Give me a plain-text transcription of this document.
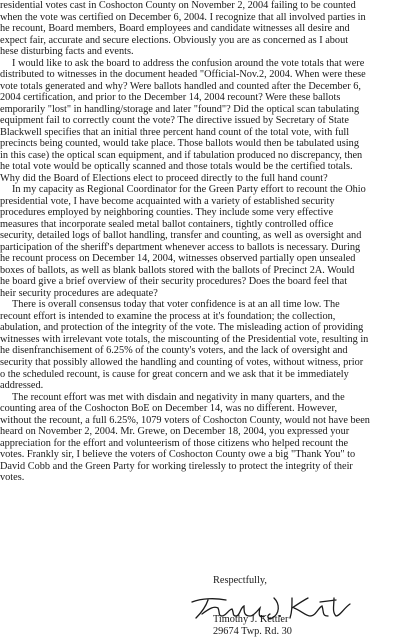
residential votes cast in Coshocton County on November 2, 2004 failing to be counted
when the vote was certified on December 6, 2004. I recognize that all involved parties in
he recount, Board members, Board employees and candidate witnesses all desire and
expect fair, accurate and secure elections. Obviously you are as concerned as I about
hese disturbing facts and events.
I would like to ask the board to address the confusion around the vote totals that were
distributed to witnesses in the document headed "Official-Nov.2, 2004. When were these
vote totals generated and why? Were ballots handled and counted after the December 6,
2004 certification, and prior to the December 14, 2004 recount? Were these ballots
emporarily "lost" in handling/storage and later "found"? Did the optical scan tabulating
equipment fail to correctly count the vote? The directive issued by Secretary of State
Blackwell specifies that an initial three percent hand count of the total vote, with full
precincts being counted, would take place. Those ballots would then be tabulated using
in this case) the optical scan equipment, and if tabulation produced no discrepancy, then
he total vote would be optically scanned and those totals would be the certified totals.
Why did the Board of Elections elect to proceed directly to the full hand count?
In my capacity as Regional Coordinator for the Green Party effort to recount the Ohio
presidential vote, I have become acquainted with a variety of established security
procedures employed by neighboring counties. They include some very effective
measures that incorporate sealed metal ballot containers, tightly controlled office
security, detailed logs of ballot handling, transfer and counting, as well as oversight and
participation of the sheriff's department whenever access to ballots is necessary. During
he recount process on December 14, 2004, witnesses observed partially open unsealed
boxes of ballots, as well as blank ballots stored with the ballots of Precinct 2A. Would
he board give a brief overview of their security procedures? Does the board feel that
heir security procedures are adequate?
There is overall consensus today that voter confidence is at an all time low. The
recount effort is intended to examine the process at it's foundation; the collection,
abulation, and protection of the integrity of the vote. The misleading action of providing
witnesses with irrelevant vote totals, the miscounting of the Presidential vote, resulting in
he disenfranchisement of 6.25% of the county's voters, and the lack of oversight and
security that possibly allowed the handling and counting of votes, without witness, prior
o the scheduled recount, is cause for great concern and we ask that it be immediately
addressed.
The recount effort was met with disdain and negativity in many quarters, and the
counting area of the Coshocton BoE on December 14, was no different. However,
without the recount, a full 6.25%, 1079 voters of Coshocton County, would not have been
heard on November 2, 2004. Mr. Grewe, on December 18, 2004, you expressed your
appreciation for the effort and volunteerism of those citizens who helped recount the
votes. Frankly sir, I believe the voters of Coshocton County owe a big "Thank You" to
David Cobb and the Green Party for working tirelessly to protect the integrity of their
votes.
Respectfully,
Timothy J. Kettler
29674 Twp. Rd. 30
